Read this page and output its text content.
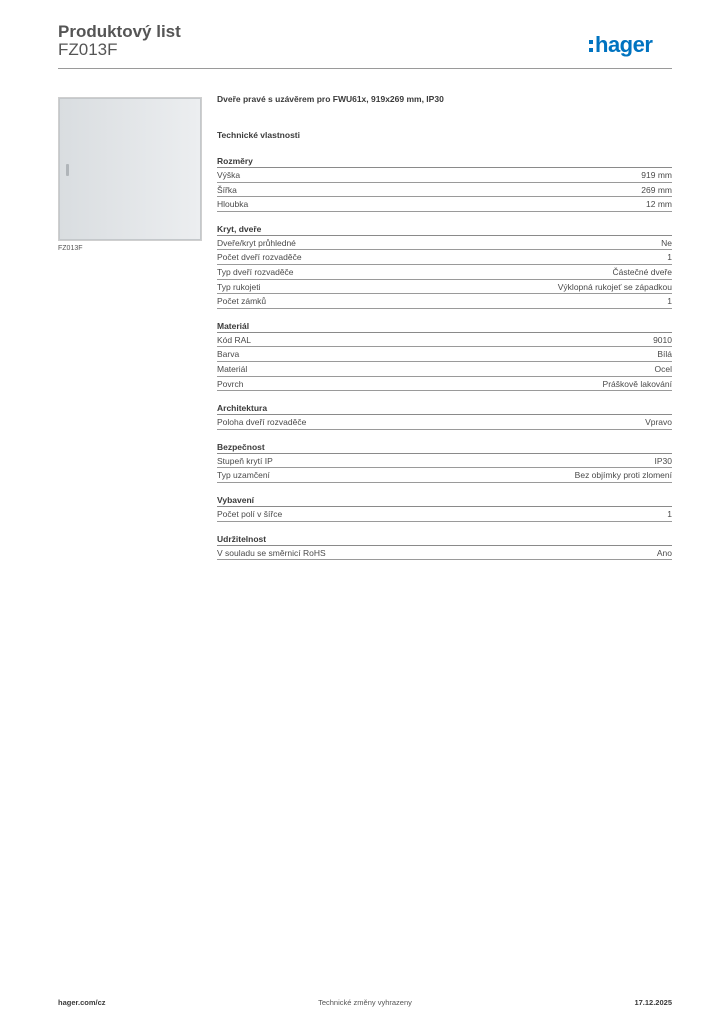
Produktový list
FZ013F	hager
FZ013F
Dveře pravé s uzávěrem pro FWU61x, 919x269 mm, IP30
Technické vlastnosti
Rozměry
Výška	919 mm
Šířka	269 mm
Hloubka	12 mm
Kryt, dveře
Dveře/kryt průhledné	Ne
Počet dveří rozvaděče	1
Typ dveří rozvaděče	Částečné dveře
Typ rukojeti	Výklopná rukojeť se západkou
Počet zámků	1
Materiál
Kód RAL	9010
Barva	Bílá
Materiál	Ocel
Povrch	Práškově lakování
Architektura
Poloha dveří rozvaděče	Vpravo
Bezpečnost
Stupeň krytí IP	IP30
Typ uzamčení	Bez objímky proti zlomení
Vybavení
Počet polí v šířce	1
Udržitelnost
V souladu se směrnicí RoHS	Ano
Technické změny vyhrazeny
hager.com/cz	17.12.2025
